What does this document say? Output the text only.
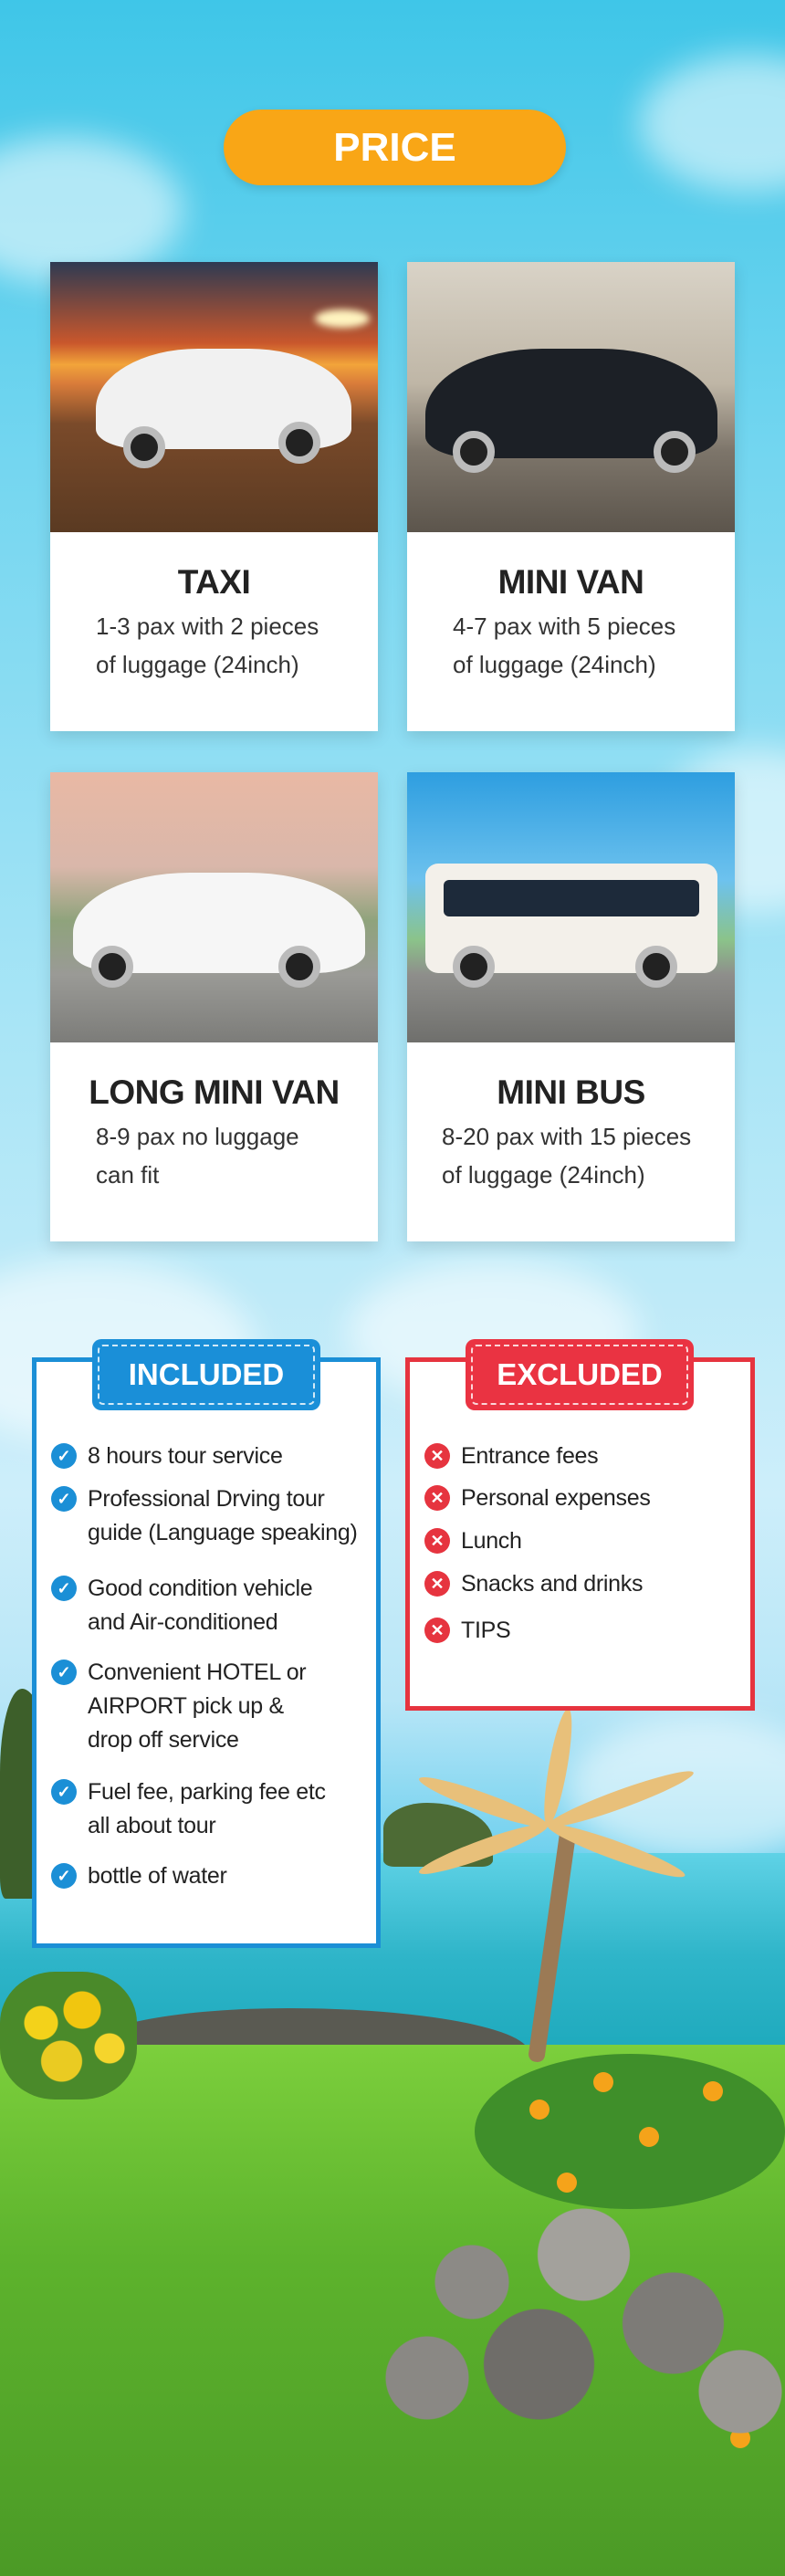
PRICE
TAXI
1-3 pax with 2 pieces
of luggage (24inch)
MINI VAN
4-7 pax with 5 pieces
of luggage (24inch)
LONG MINI VAN
8-9 pax no luggage
can fit
MINI BUS
8-20 pax with 15 pieces
of luggage (24inch)
INCLUDED
✓ 8 hours tour service
✓ Professional Drving tour
guide (Language speaking)
✓ Good condition vehicle
and Air-conditioned
✓ Convenient HOTEL or
AIRPORT pick up &
drop off service
✓ Fuel fee, parking fee etc
all about tour
✓ bottle of water
EXCLUDED
✕ Entrance fees
✕ Personal expenses
✕ Lunch
✕ Snacks and drinks
✕ TIPS
